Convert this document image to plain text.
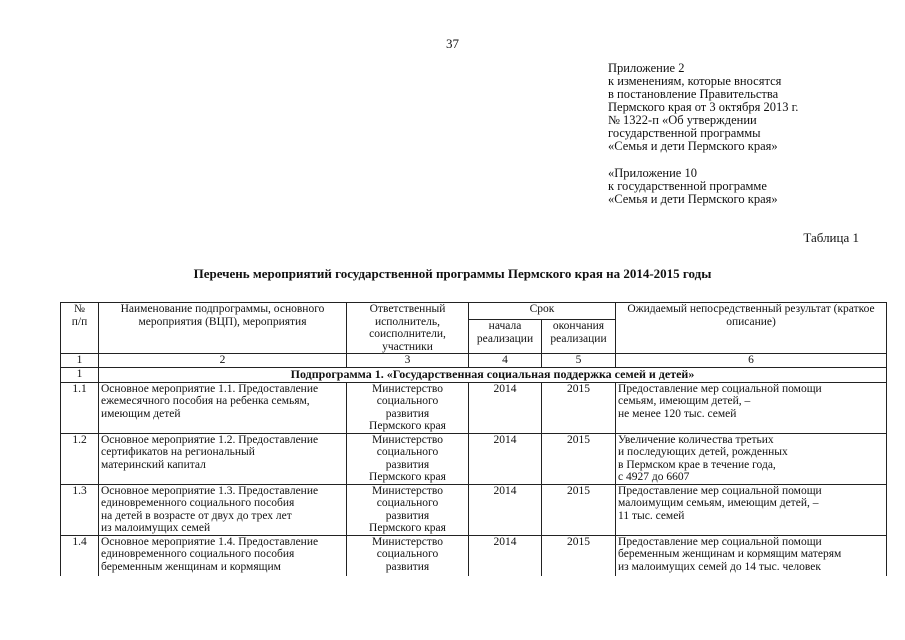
37
Приложение 2
к изменениям, которые вносятся
в постановление Правительства
Пермского края от 3 октября 2013 г.
№ 1322-п «Об утверждении
государственной программы
«Семья и дети Пермского края»
«Приложение 10
к государственной программе
«Семья и дети Пермского края»
Таблица 1
Перечень мероприятий государственной программы Пермского края на 2014-2015 годы
№
п/п	Наименование подпрограммы, основного мероприятия (ВЦП), мероприятия	Ответственный исполнитель, соисполнители, участники	Срок		Ожидаемый непосредственный результат (краткое описание)
			начала реализации	окончания реализации	
1	2	3	4	5	6
1	Подпрограмма 1. «Государственная социальная поддержка семей и детей»				
1.1	Основное мероприятие 1.1. Предоставление
ежемесячного пособия на ребенка семьям,
имеющим детей	Министерство
социального
развития
Пермского края	2014	2015	Предоставление мер социальной помощи
семьям, имеющим детей, –
не менее 120 тыс. семей

1.2	Основное мероприятие 1.2. Предоставление
сертификатов на региональный
материнский капитал	Министерство
социального
развития
Пермского края	2014	2015	Увеличение количества третьих
и последующих детей, рожденных
в Пермском крае в течение года,
с 4927 до 6607

1.3	Основное мероприятие 1.3. Предоставление
единовременного социального пособия
на детей в возрасте от двух до трех лет
из малоимущих семей	Министерство
социального
развития
Пермского края	2014	2015	Предоставление мер социальной помощи
малоимущим семьям, имеющим детей, –
11 тыс. семей

1.4	Основное мероприятие 1.4. Предоставление
единовременного социального пособия
беременным женщинам и кормящим	Министерство
социального
развития	2014	2015	Предоставление мер социальной помощи
беременным женщинам и кормящим матерям
из малоимущих семей до 14 тыс. человек
